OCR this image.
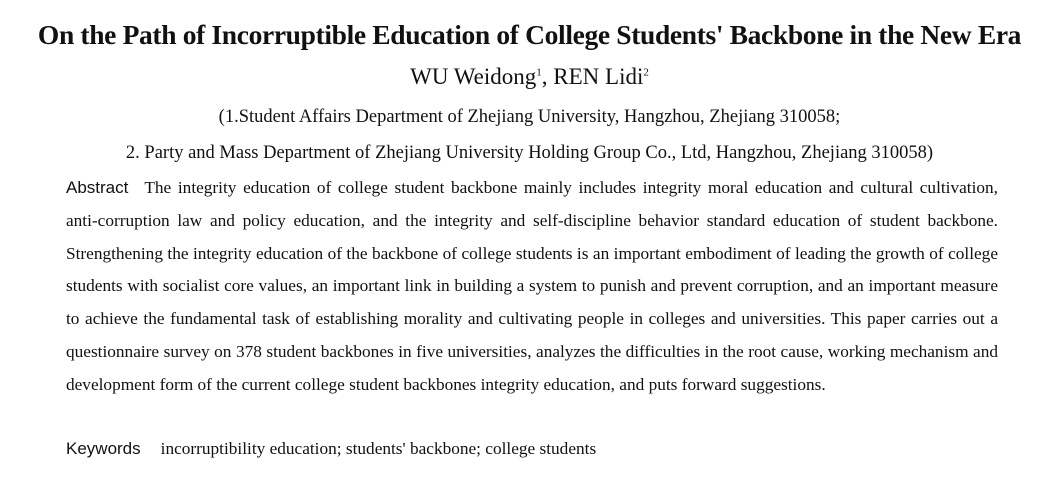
On the Path of Incorruptible Education of College Students' Backbone in the New Era
WU Weidong$^1$, REN Lidi$^2$
(1.Student Affairs Department of Zhejiang University, Hangzhou, Zhejiang 310058;
2. Party and Mass Department of Zhejiang University Holding Group Co., Ltd, Hangzhou, Zhejiang 310058)
Abstract The integrity education of college student backbone mainly includes integrity moral education and cultural cultivation, anti-corruption law and policy education, and the integrity and self-discipline behavior standard education of student backbone. Strengthening the integrity education of the backbone of college students is an important embodiment of leading the growth of college students with socialist core values, an important link in building a system to punish and prevent corruption, and an important measure to achieve the fundamental task of establishing morality and cultivating people in colleges and universities. This paper carries out a questionnaire survey on 378 student backbones in five universities, analyzes the difficulties in the root cause, working mechanism and development form of the current college student backbones integrity education, and puts forward suggestions.
Keywords incorruptibility education; students' backbone; college students
